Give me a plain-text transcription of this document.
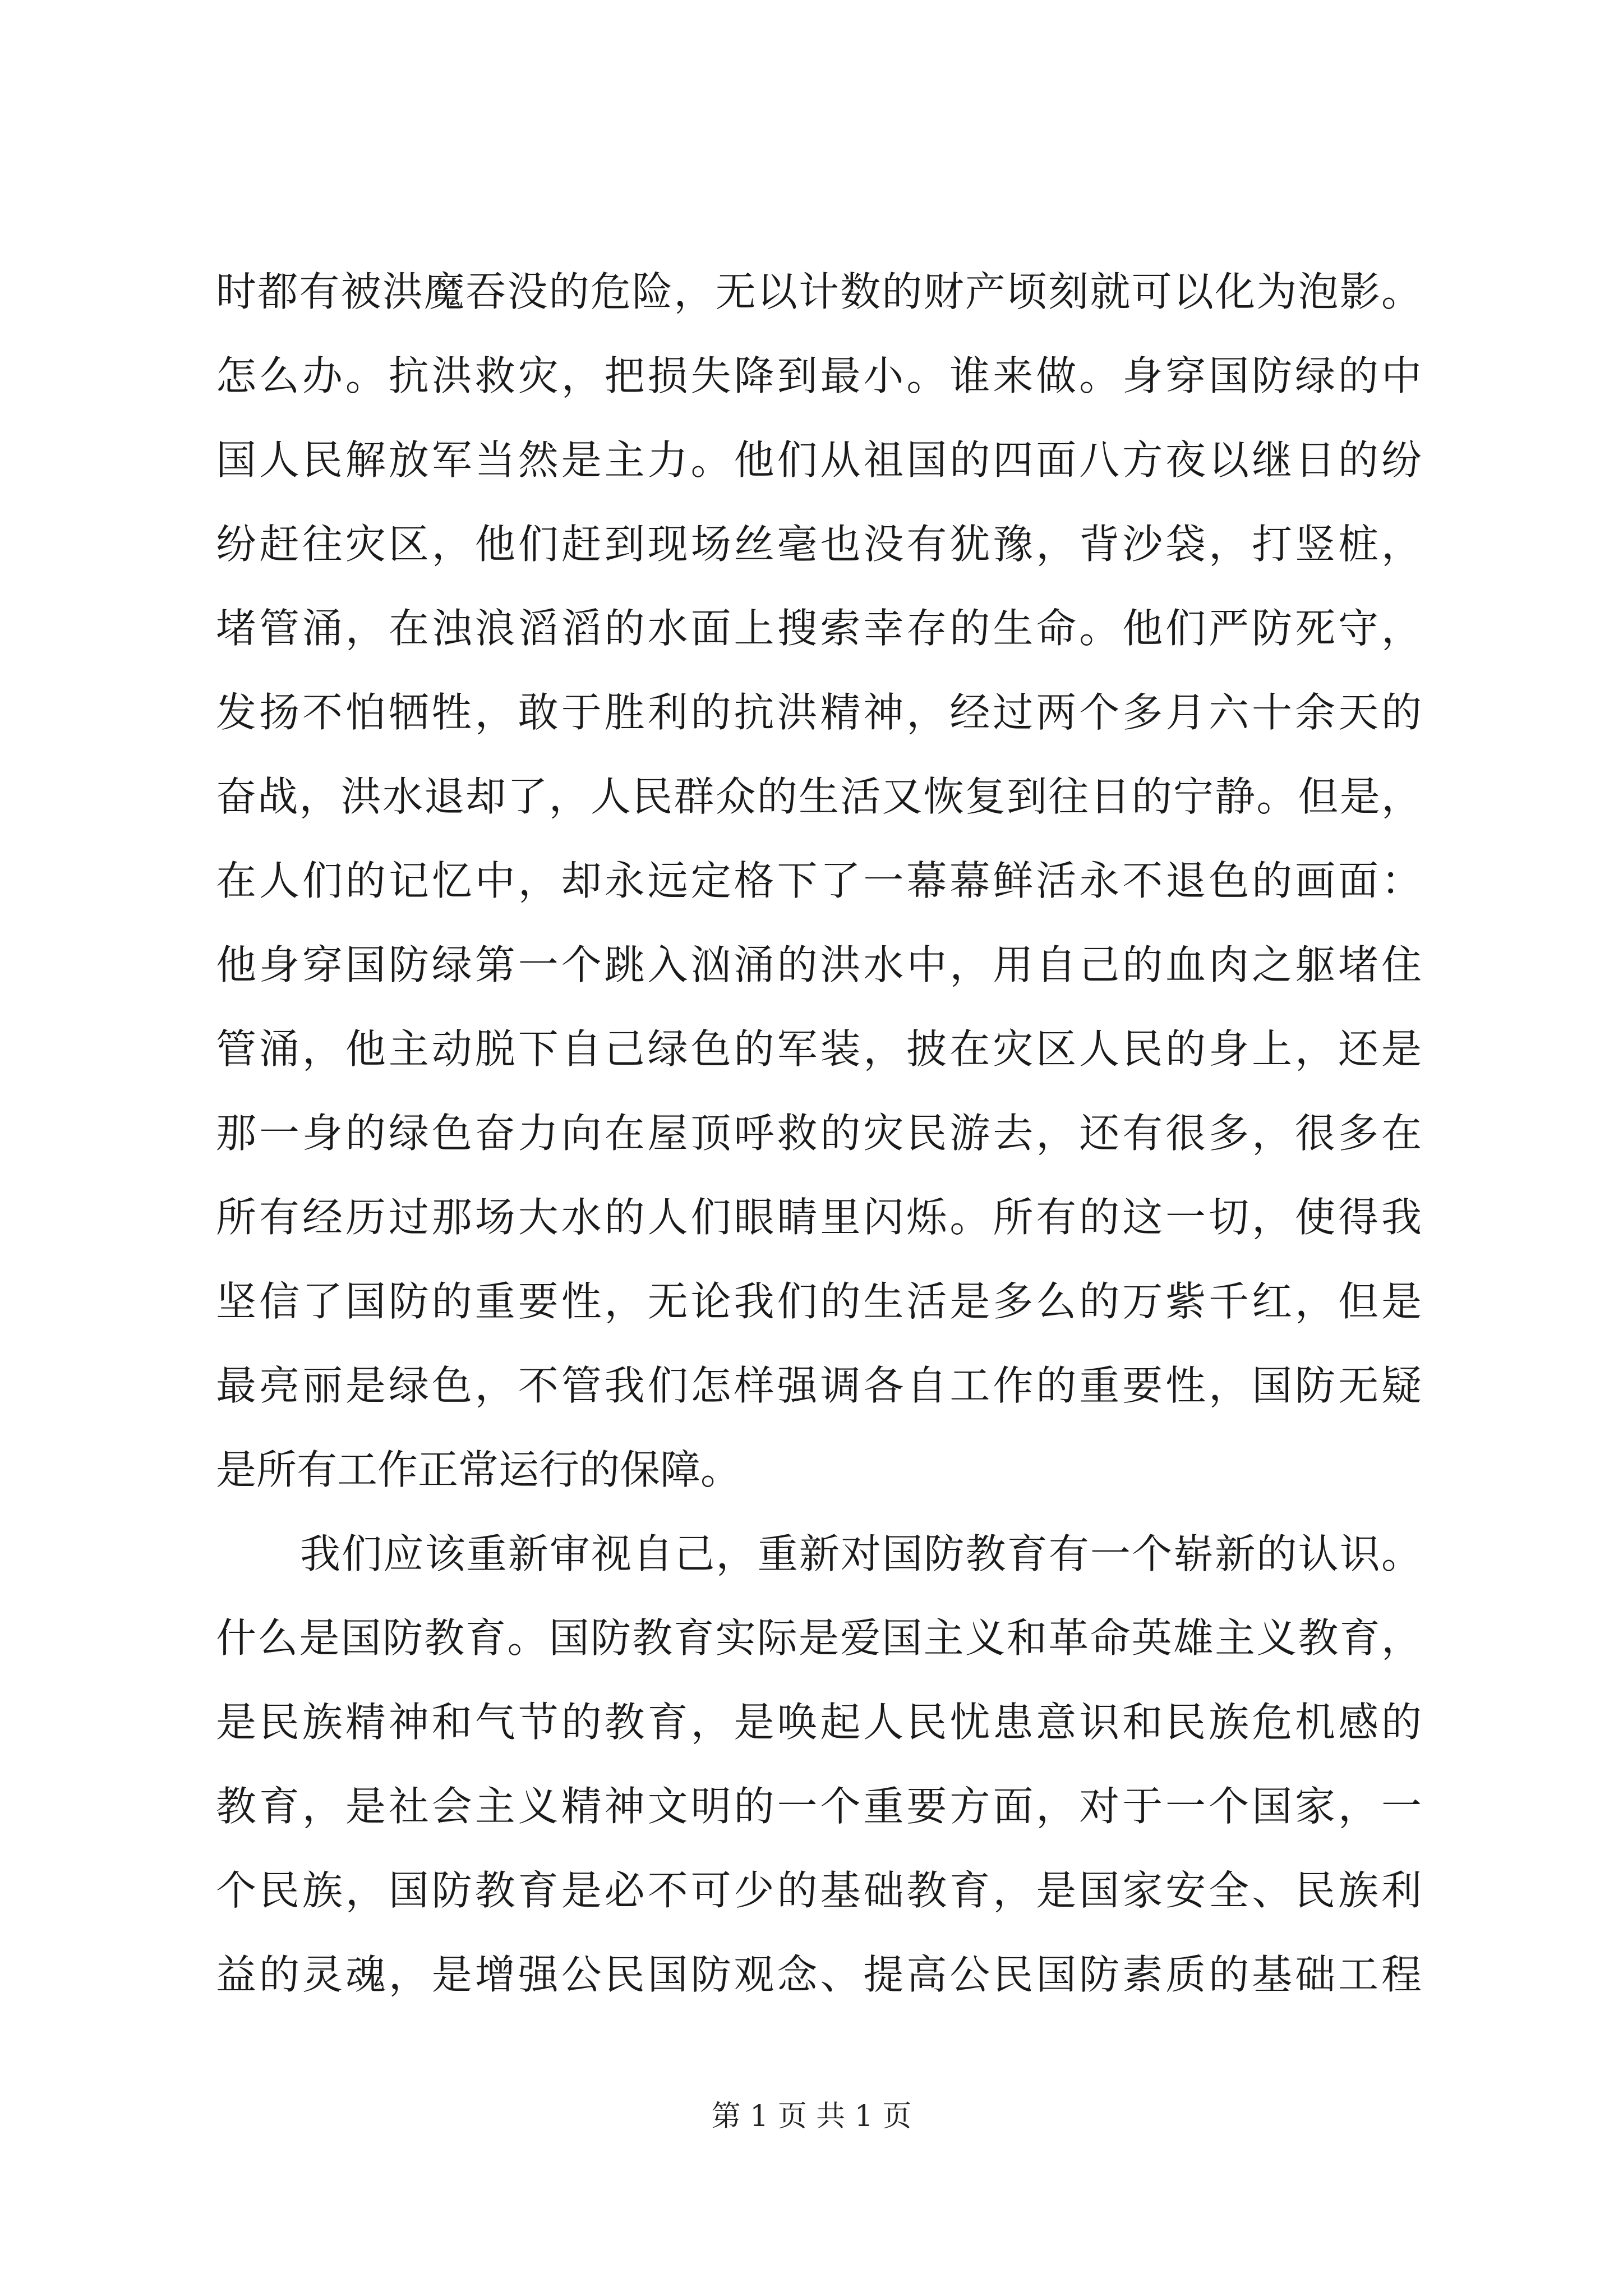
时都有被洪魔吞没的危险，无以计数的财产顷刻就可以化为泡影。
怎么办。抗洪救灾，把损失降到最小。谁来做。身穿国防绿的中
国人民解放军当然是主力。他们从祖国的四面八方夜以继日的纷
纷赶往灾区，他们赶到现场丝毫也没有犹豫，背沙袋，打竖桩，
堵管涌，在浊浪滔滔的水面上搜索幸存的生命。他们严防死守，
发扬不怕牺牲，敢于胜利的抗洪精神，经过两个多月六十余天的
奋战，洪水退却了，人民群众的生活又恢复到往日的宁静。但是，
在人们的记忆中，却永远定格下了一幕幕鲜活永不退色的画面：
他身穿国防绿第一个跳入汹涌的洪水中，用自己的血肉之躯堵住
管涌，他主动脱下自己绿色的军装，披在灾区人民的身上，还是
那一身的绿色奋力向在屋顶呼救的灾民游去，还有很多，很多在
所有经历过那场大水的人们眼睛里闪烁。所有的这一切，使得我
坚信了国防的重要性，无论我们的生活是多么的万紫千红，但是
最亮丽是绿色，不管我们怎样强调各自工作的重要性，国防无疑
是所有工作正常运行的保障。
我们应该重新审视自己，重新对国防教育有一个崭新的认识。
什么是国防教育。国防教育实际是爱国主义和革命英雄主义教育，
是民族精神和气节的教育，是唤起人民忧患意识和民族危机感的
教育，是社会主义精神文明的一个重要方面，对于一个国家，一
个民族，国防教育是必不可少的基础教育，是国家安全、民族利
益的灵魂，是增强公民国防观念、提高公民国防素质的基础工程
第 1 页 共 1 页
